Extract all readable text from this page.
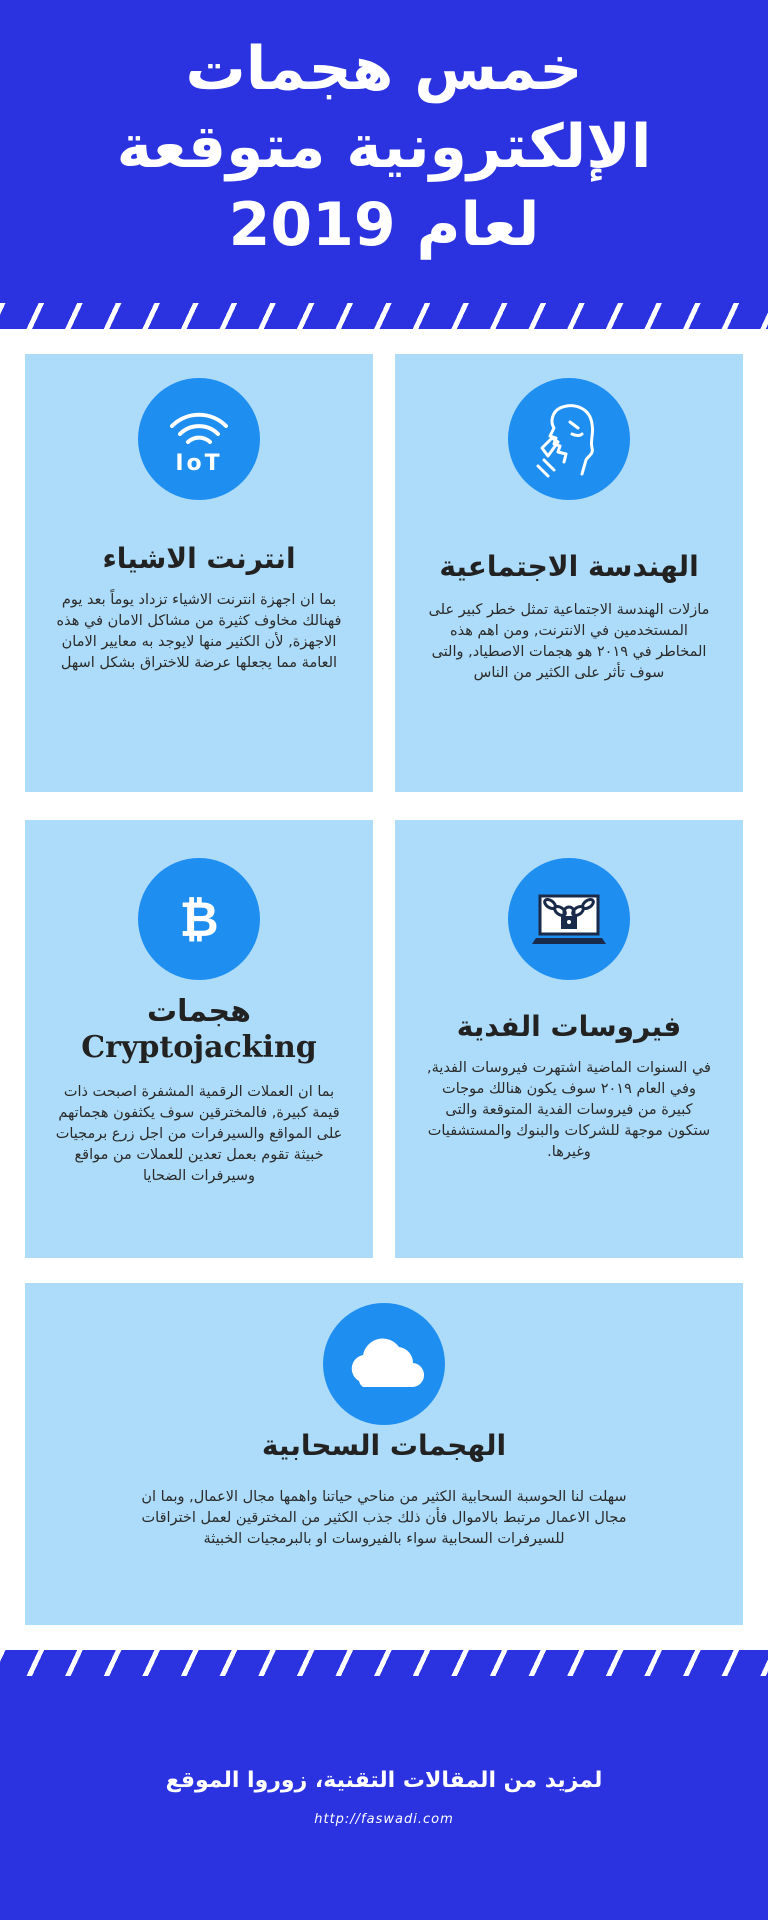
خمس هجمات
الإلكترونية متوقعة
لعام 2019
الهندسة الاجتماعية
مازلات الهندسة الاجتماعية تمثل خطر كبير على المستخدمين في الانترنت, ومن اهم هذه المخاطر في ٢٠١٩ هو هجمات الاصطياد, والتى سوف تأثر على الكثير من الناس
IoT
انترنت الاشياء
بما ان اجهزة انترنت الاشياء تزداد يوماً بعد يوم فهنالك مخاوف كثيرة من مشاكل الامان في هذه الاجهزة, لأن الكثير منها لايوجد به معايير الامان العامة مما يجعلها عرضة للاختراق بشكل اسهل
فيروسات الفدية
في السنوات الماضية اشتهرت فيروسات الفدية, وفي العام ٢٠١٩ سوف يكون هنالك موجات كبيرة من فيروسات الفدية المتوقعة والتى ستكون موجهة للشركات والبنوك والمستشفيات وغيرها.
₿
هجمات
Cryptojacking
بما ان العملات الرقمية المشفرة اصبحت ذات قيمة كبيرة, فالمخترقين سوف يكثفون هجماتهم على المواقع والسيرفرات من اجل زرع برمجيات خبيثة تقوم بعمل تعدين للعملات من مواقع وسيرفرات الضحايا
الهجمات السحابية
سهلت لنا الحوسبة السحابية الكثير من مناحي حياتنا واهمها مجال الاعمال, وبما ان مجال الاعمال مرتبط بالاموال فأن ذلك جذب الكثير من المخترقين لعمل اختراقات للسيرفرات السحابية سواء بالفيروسات او بالبرمجيات الخبيثة
لمزيد من المقالات التقنية، زوروا الموقع
http://faswadi.com
